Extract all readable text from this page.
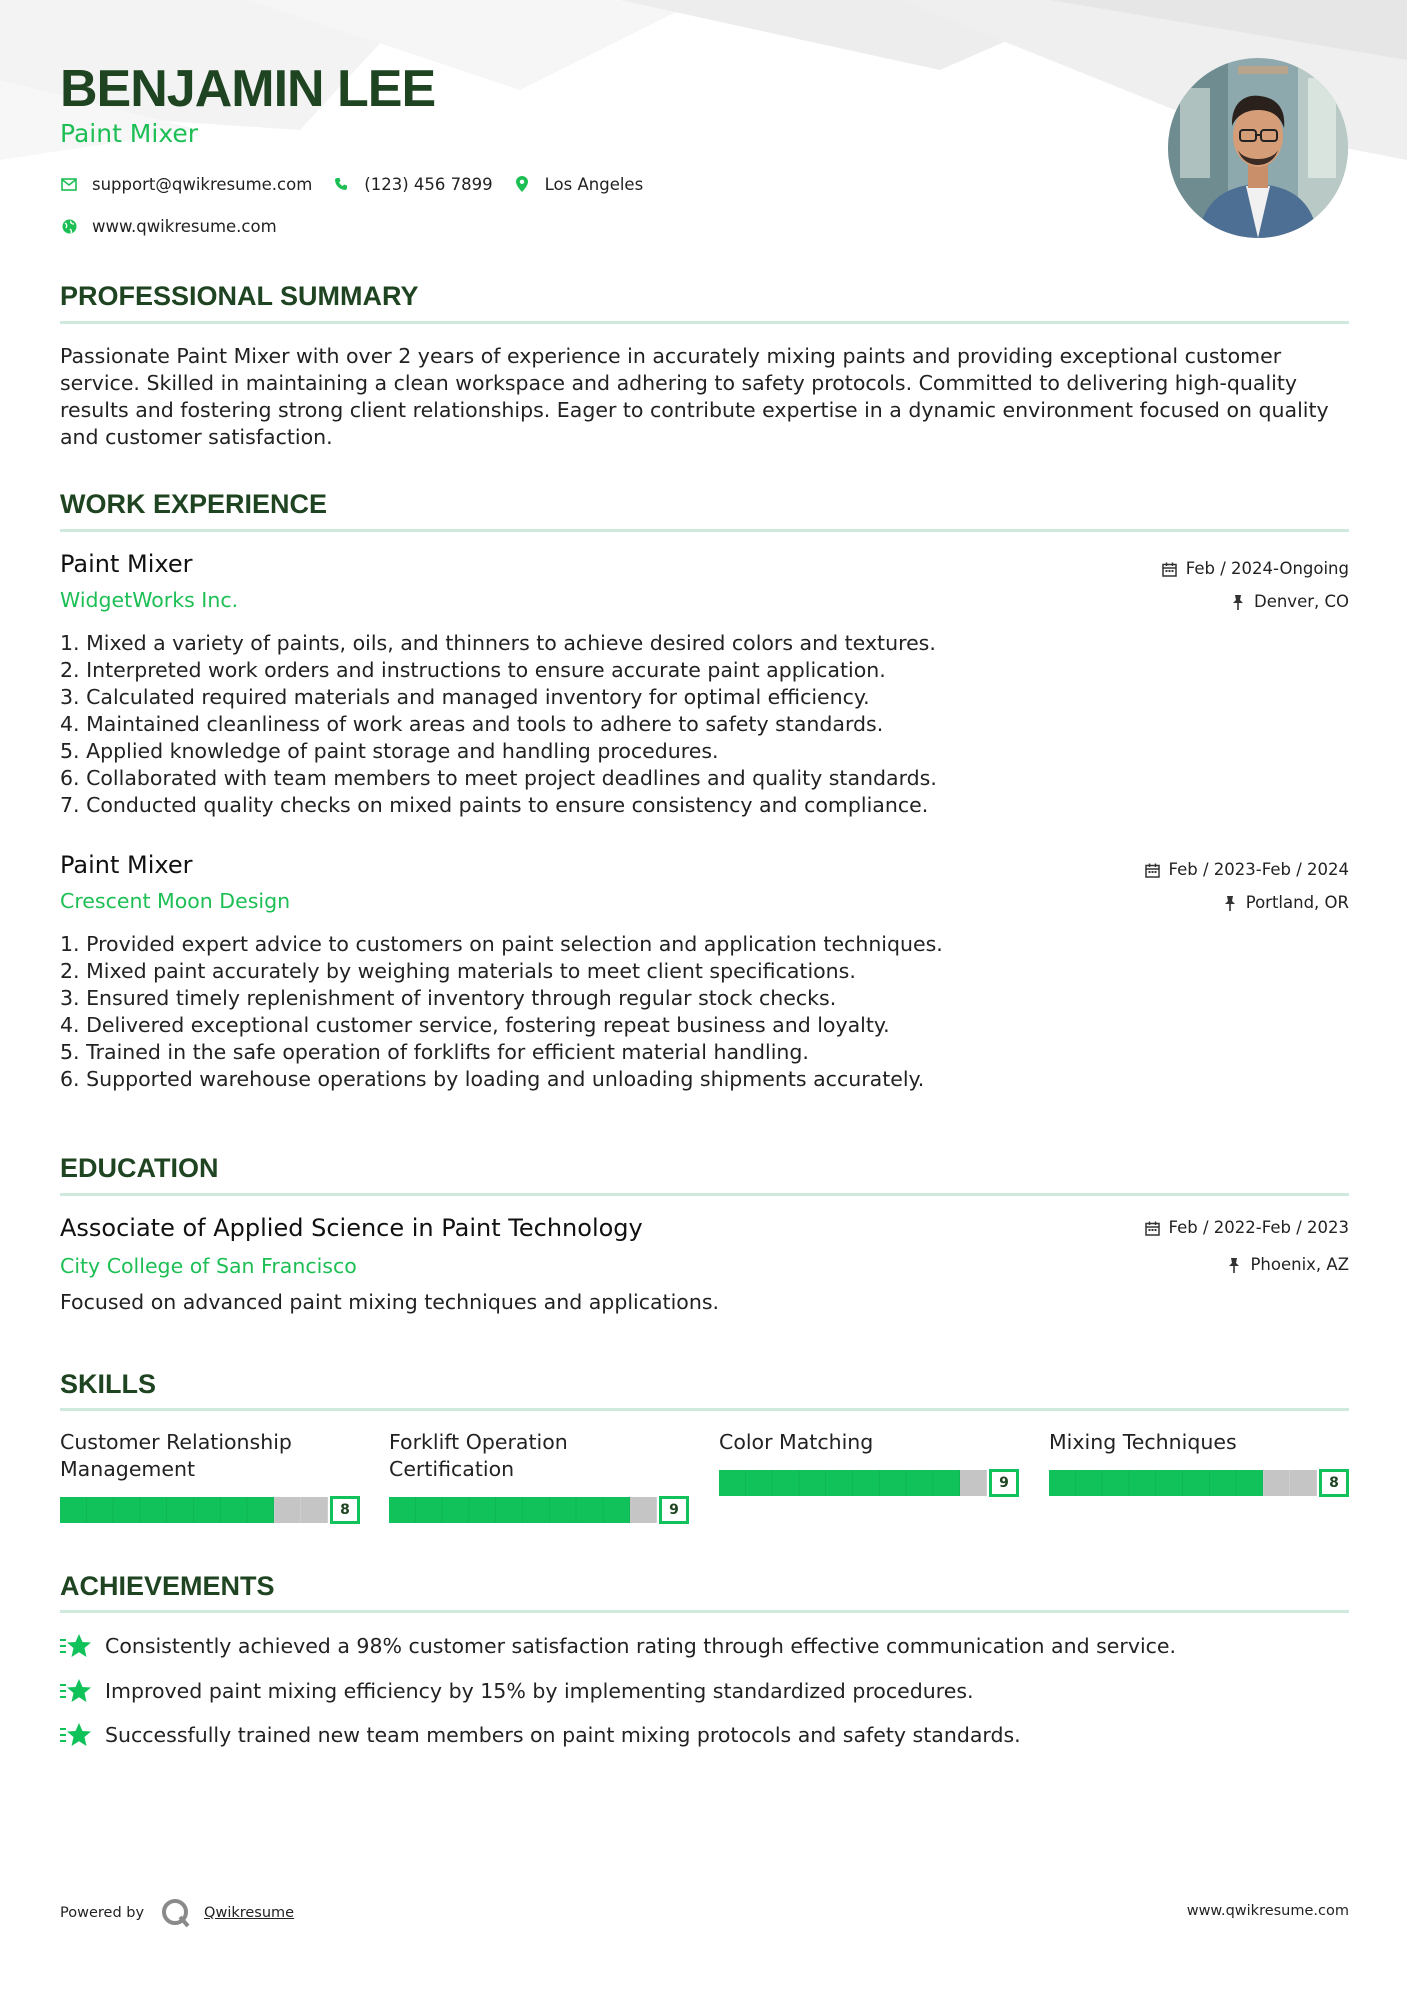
BENJAMIN LEE
Paint Mixer
support@qwikresume.com	(123) 456 7899	Los Angeles
www.qwikresume.com
PROFESSIONAL SUMMARY

Passionate Paint Mixer with over 2 years of experience in accurately mixing paints and providing exceptional customer service. Skilled in maintaining a clean workspace and adhering to safety protocols. Committed to delivering high-quality results and fostering strong client relationships. Eager to contribute expertise in a dynamic environment focused on quality and customer satisfaction.

WORK EXPERIENCE
Paint Mixer
WidgetWorks Inc.
Feb / 2024-Ongoing
Denver, CO
1. Mixed a variety of paints, oils, and thinners to achieve desired colors and textures.
2. Interpreted work orders and instructions to ensure accurate paint application.
3. Calculated required materials and managed inventory for optimal efficiency.
4. Maintained cleanliness of work areas and tools to adhere to safety standards.
5. Applied knowledge of paint storage and handling procedures.
6. Collaborated with team members to meet project deadlines and quality standards.
7. Conducted quality checks on mixed paints to ensure consistency and compliance.
Paint Mixer
Crescent Moon Design
Feb / 2023-Feb / 2024
Portland, OR
1. Provided expert advice to customers on paint selection and application techniques.
2. Mixed paint accurately by weighing materials to meet client specifications.
3. Ensured timely replenishment of inventory through regular stock checks.
4. Delivered exceptional customer service, fostering repeat business and loyalty.
5. Trained in the safe operation of forklifts for efficient material handling.
6. Supported warehouse operations by loading and unloading shipments accurately.
EDUCATION
Associate of Applied Science in Paint Technology
City College of San Francisco
Feb / 2022-Feb / 2023
Phoenix, AZ
Focused on advanced paint mixing techniques and applications.
SKILLS
Customer Relationship Management
8
Forklift Operation Certification
9
Color Matching
9
Mixing Techniques
8
ACHIEVEMENTS
Consistently achieved a 98% customer satisfaction rating through effective communication and service.
Improved paint mixing efficiency by 15% by implementing standardized procedures.
Successfully trained new team members on paint mixing protocols and safety standards.
Powered by	Qwikresume	www.qwikresume.com
